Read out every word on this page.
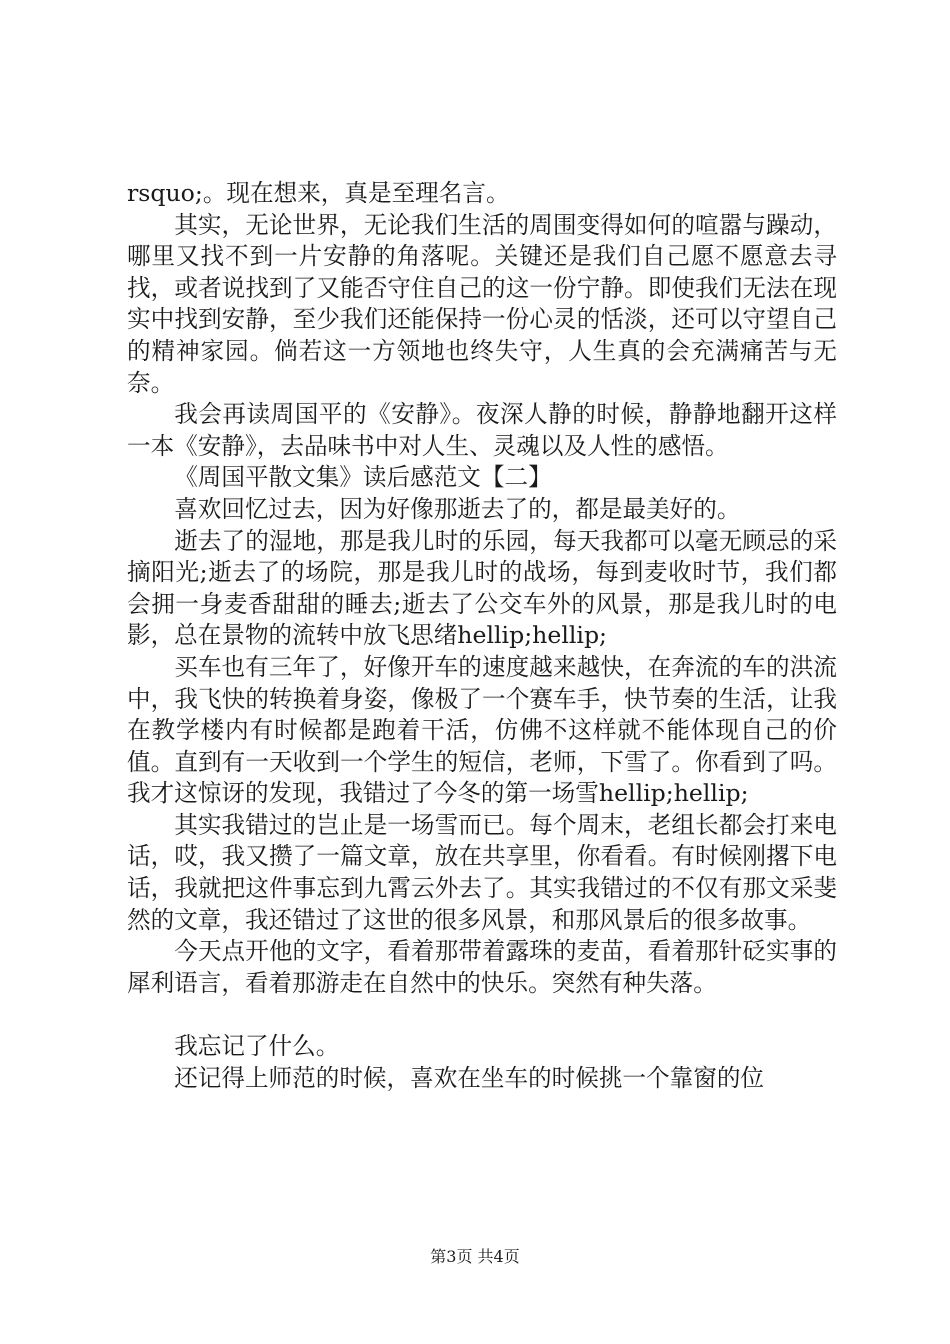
rsquo;。现在想来，真是至理名言。

其实，无论世界，无论我们生活的周围变得如何的喧嚣与躁动，哪里又找不到一片安静的角落呢。关键还是我们自己愿不愿意去寻找，或者说找到了又能否守住自己的这一份宁静。即使我们无法在现实中找到安静，至少我们还能保持一份心灵的恬淡，还可以守望自己的精神家园。倘若这一方领地也终失守，人生真的会充满痛苦与无奈。

我会再读周国平的《安静》。夜深人静的时候，静静地翻开这样一本《安静》，去品味书中对人生、灵魂以及人性的感悟。

《周国平散文集》读后感范文【二】

喜欢回忆过去，因为好像那逝去了的，都是最美好的。

逝去了的湿地，那是我儿时的乐园，每天我都可以毫无顾忌的采摘阳光;逝去了的场院，那是我儿时的战场，每到麦收时节，我们都会拥一身麦香甜甜的睡去;逝去了公交车外的风景，那是我儿时的电影，总在景物的流转中放飞思绪hellip;hellip;

买车也有三年了，好像开车的速度越来越快，在奔流的车的洪流中，我飞快的转换着身姿，像极了一个赛车手，快节奏的生活，让我在教学楼内有时候都是跑着干活，仿佛不这样就不能体现自己的价值。直到有一天收到一个学生的短信，老师，下雪了。你看到了吗。我才这惊讶的发现，我错过了今冬的第一场雪hellip;hellip;

其实我错过的岂止是一场雪而已。每个周末，老组长都会打来电话，哎，我又攒了一篇文章，放在共享里，你看看。有时候刚撂下电话，我就把这件事忘到九霄云外去了。其实我错过的不仅有那文采斐然的文章，我还错过了这世的很多风景，和那风景后的很多故事。

今天点开他的文字，看着那带着露珠的麦苗，看着那针砭实事的犀利语言，看着那游走在自然中的快乐。突然有种失落。

我忘记了什么。

还记得上师范的时候，喜欢在坐车的时候挑一个靠窗的位

第3页 共4页
